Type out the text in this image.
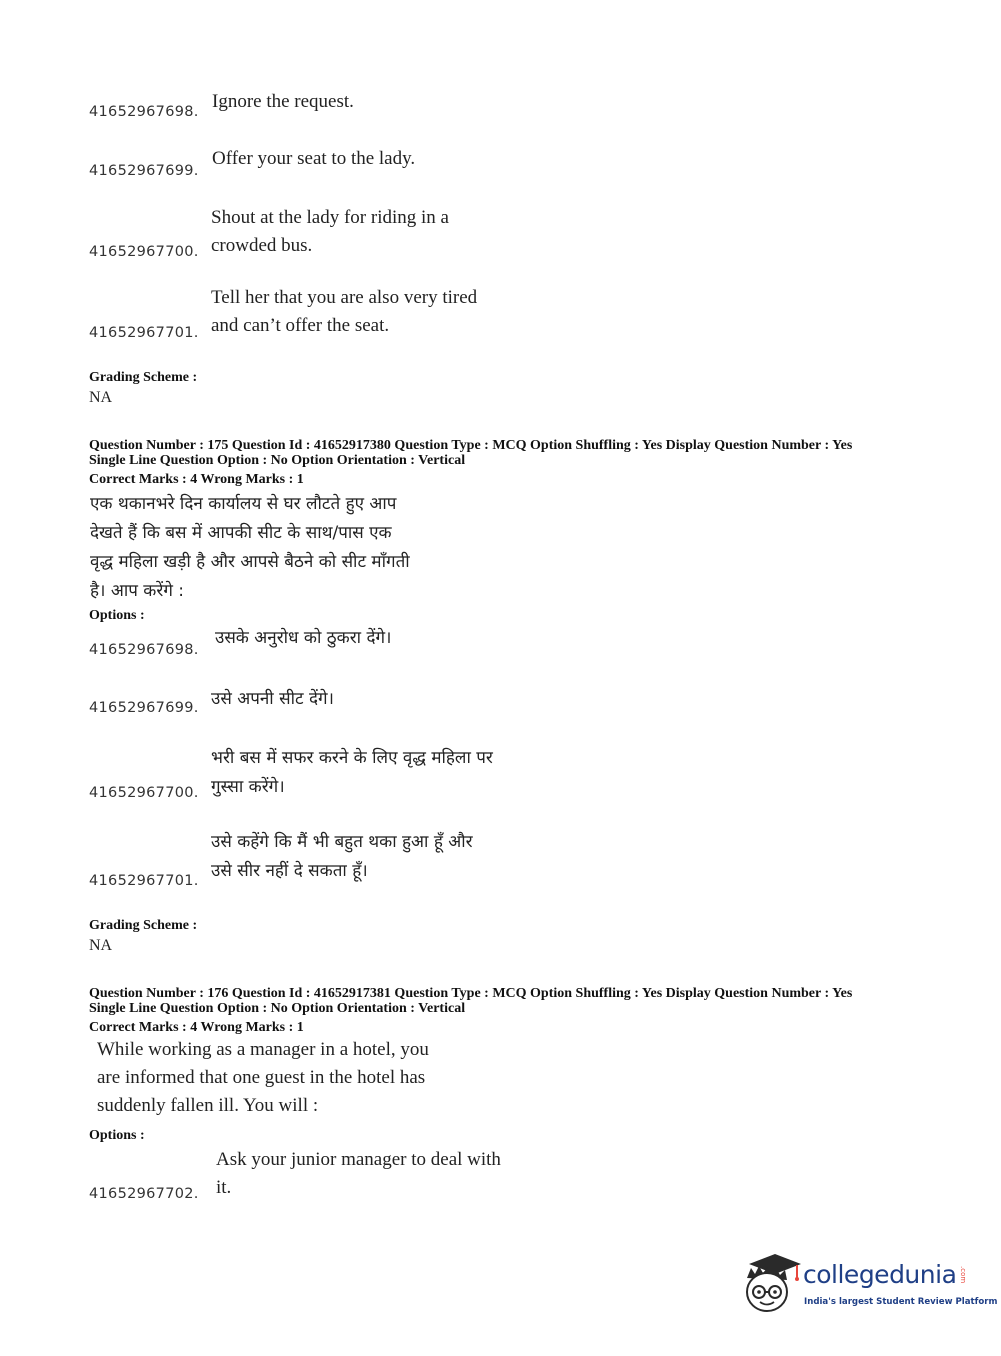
41652967698. Ignore the request.
41652967699.
Offer your seat to the lady.
41652967700.
Shout at the lady for riding in a
crowded bus.
41652967701.
Tell her that you are also very tired
and can’t offer the seat.
Grading Scheme :
NA
Question Number : 175 Question Id : 41652917380 Question Type : MCQ Option Shuffling : Yes Display Question Number : Yes
Single Line Question Option : No Option Orientation : Vertical
Correct Marks : 4 Wrong Marks : 1
एक थकानभरे दिन कार्यालय से घर लौटते हुए आप
देखते हैं कि बस में आपकी सीट के साथ/पास एक
वृद्ध महिला खड़ी है और आपसे बैठने को सीट माँगती
है। आप करेंगे :
Options :
41652967698.
उसके अनुरोध को ठुकरा देंगे।
41652967699. उसे अपनी सीट देंगे।
41652967700.
भरी बस में सफर करने के लिए वृद्ध महिला पर
गुस्सा करेंगे।
41652967701.
उसे कहेंगे कि मैं भी बहुत थका हुआ हूँ और
उसे सीर नहीं दे सकता हूँ।
Grading Scheme :
NA
Question Number : 176 Question Id : 41652917381 Question Type : MCQ Option Shuffling : Yes Display Question Number : Yes
Single Line Question Option : No Option Orientation : Vertical
Correct Marks : 4 Wrong Marks : 1
While working as a manager in a hotel, you
are informed that one guest in the hotel has
suddenly fallen ill. You will :
Options :
41652967702.
Ask your junior manager to deal with
it.
collegedunia .com
India's largest Student Review Platform
